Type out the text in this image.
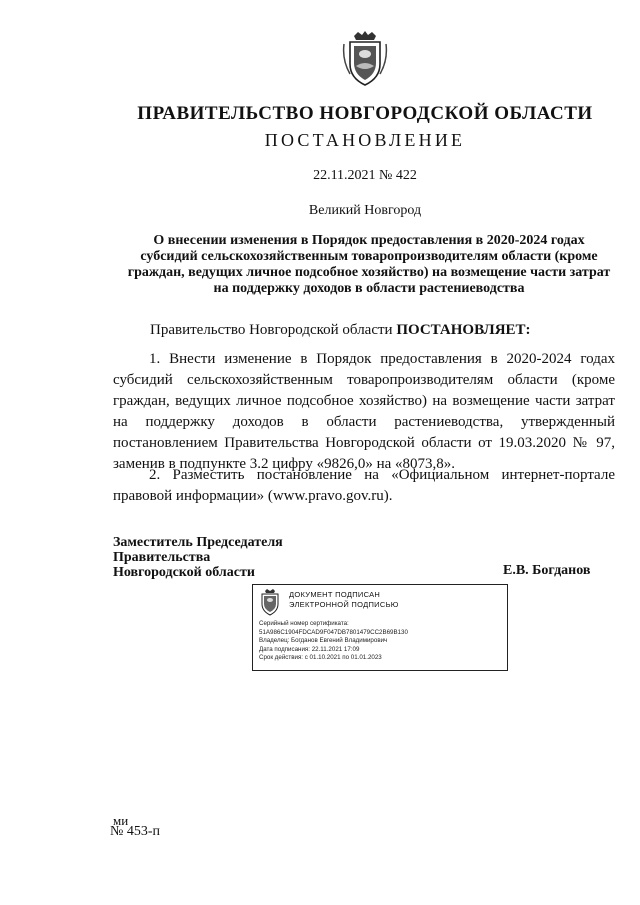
ПРАВИТЕЛЬСТВО НОВГОРОДСКОЙ ОБЛАСТИ
ПОСТАНОВЛЕНИЕ
22.11.2021 № 422
Великий Новгород
О внесении изменения в Порядок предоставления в 2020-2024 годах субсидий сельскохозяйственным товаропроизводителям области (кроме граждан, ведущих личное подсобное хозяйство) на возмещение части затрат на поддержку доходов в области растениеводства
Правительство Новгородской области ПОСТАНОВЛЯЕТ:
1. Внести изменение в Порядок предоставления в 2020-2024 годах субсидий сельскохозяйственным товаропроизводителям области (кроме граждан, ведущих личное подсобное хозяйство) на возмещение части затрат на поддержку доходов в области растениеводства, утвержденный постановлением Правительства Новгородской области от 19.03.2020 № 97, заменив в подпункте 3.2 цифру «9826,0» на «8073,8».
2. Разместить постановление на «Официальном интернет-портале правовой информации» (www.pravo.gov.ru).
Заместитель Председателя
Правительства
Новгородской области	Е.В. Богданов
ДОКУМЕНТ ПОДПИСАН
ЭЛЕКТРОННОЙ ПОДПИСЬЮ
Серийный номер сертификата:
51A986C1904FDCAD9F047DB7801479CC2B69B130
Владелец: Богданов Евгений Владимирович
Дата подписания: 22.11.2021 17:09
Срок действия: с 01.10.2021 по 01.01.2023
ми
№ 453-п
